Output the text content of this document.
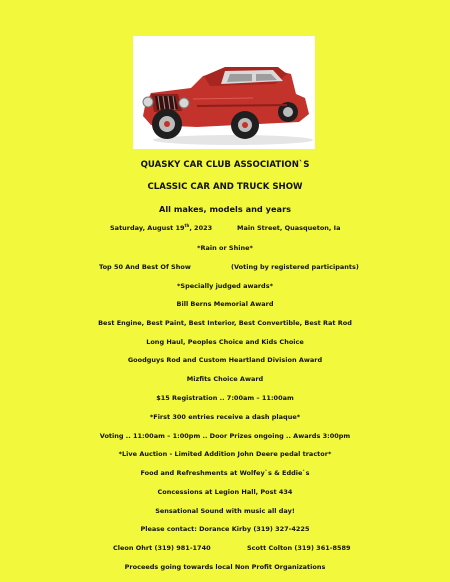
QUASKY CAR CLUB ASSOCIATION`S
CLASSIC CAR AND TRUCK SHOW
All makes, models and years
Saturday, August 19th, 2023	Main Street, Quasqueton, Ia
*Rain or Shine*
Top 50 And Best Of Show	(Voting by registered participants)
*Specially judged awards*
Bill Berns Memorial Award
Best Engine, Best Paint, Best Interior, Best Convertible, Best Rat Rod
Long Haul, Peoples Choice and Kids Choice
Goodguys Rod and Custom Heartland Division Award
Mizfits Choice Award
$15 Registration .. 7:00am – 11:00am
*First 300 entries receive a dash plaque*
Voting .. 11:00am – 1:00pm .. Door Prizes ongoing .. Awards 3:00pm
*Live Auction - Limited Addition John Deere pedal tractor*
Food and Refreshments at Wolfey`s & Eddie`s
Concessions at Legion Hall, Post 434
Sensational Sound with music all day!
Please contact: Dorance Kirby (319) 327-4225
Cleon Ohrt (319) 981-1740	Scott Colton (319) 361-8589
Proceeds going towards local Non Profit Organizations
